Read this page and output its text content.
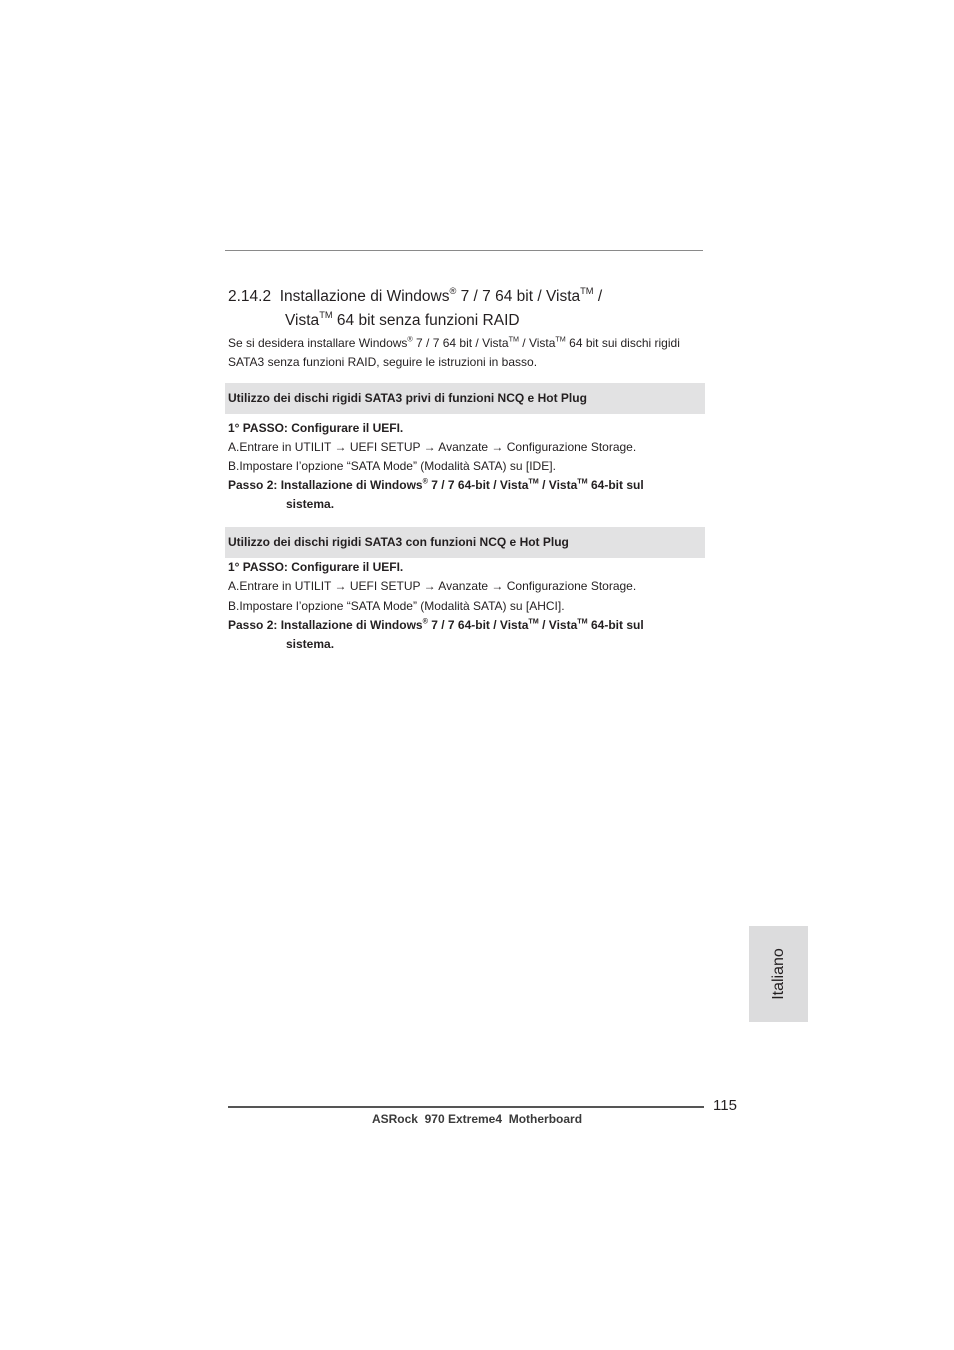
2.14.2 Installazione di Windows® 7 / 7 64 bit / Vista™ /
Vista™ 64 bit senza funzioni RAID
Se si desidera installare Windows® 7 / 7 64 bit / Vista™ / Vista™ 64 bit sui dischi rigidi SATA3 senza funzioni RAID, seguire le istruzioni in basso.
Utilizzo dei dischi rigidi SATA3 privi di funzioni NCQ e Hot Plug
1° PASSO: Configurare il UEFI.
A.Entrare in UTILIT → UEFI SETUP → Avanzate → Configurazione Storage.
B.Impostare l’opzione “SATA Mode” (Modalità SATA) su [IDE].
Passo 2: Installazione di Windows® 7 / 7 64-bit / Vista™ / Vista™ 64-bit sul
sistema.
Utilizzo dei dischi rigidi SATA3 con funzioni NCQ e Hot Plug
1° PASSO: Configurare il UEFI.
A.Entrare in UTILIT → UEFI SETUP → Avanzate → Configurazione Storage.
B.Impostare l’opzione “SATA Mode” (Modalità SATA) su [AHCI].
Passo 2: Installazione di Windows® 7 / 7 64-bit / Vista™ / Vista™ 64-bit sul
sistema.
Italiano
115
ASRock  970 Extreme4  Motherboard
